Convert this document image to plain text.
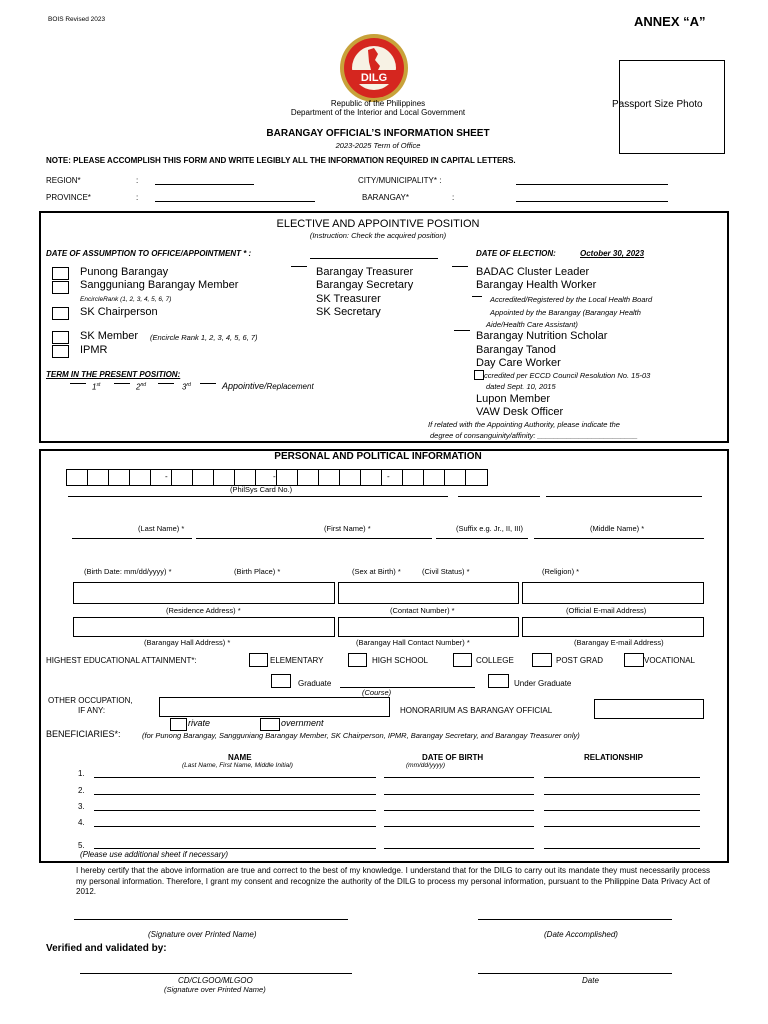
BOIS Revised 2023	ANNEX “A”
DILG
Passport Size Photo
Republic of the Philippines
Department of the Interior and Local Government
BARANGAY OFFICIAL’S INFORMATION SHEET
2023-2025 Term of Office
NOTE: PLEASE ACCOMPLISH THIS FORM AND WRITE LEGIBLY ALL THE INFORMATION REQUIRED IN CAPITAL LETTERS.
REGION*	:
PROVINCE*	:
CITY/MUNICIPALITY* :
BARANGAY*	:
ELECTIVE AND APPOINTIVE POSITION
(Instruction: Check the acquired position)
DATE OF ASSUMPTION TO OFFICE/APPOINTMENT * :	DATE OF ELECTION:	October 30, 2023
Punong Barangay
Sangguniang Barangay Member
EncircleRank (1, 2, 3, 4, 5, 6, 7)
SK Chairperson
SK Member (Encircle Rank 1, 2, 3, 4, 5, 6, 7)
IPMR
Barangay Treasurer
Barangay Secretary
SK Treasurer
SK Secretary
BADAC Cluster Leader
Barangay Health Worker
Accredited/Registered by the Local Health Board
Appointed by the Barangay (Barangay Health
Aide/Health Care Assistant)
Barangay Nutrition Scholar
Barangay Tanod
Day Care Worker
ccredited per ECCD Council Resolution No. 15-03
dated Sept. 10, 2015
Lupon Member
VAW Desk Officer
If related with the Appointing Authority, please indicate the
degree of consanguinity/affinity: ________________________
TERM IN THE PRESENT POSITION:
1st	2nd	3rd	Appointive/Replacement
PERSONAL AND POLITICAL INFORMATION
-	-	-
(PhilSys Card No.)
(Last Name) *	(First Name) *	(Suffix e.g. Jr., II, III)	(Middle Name) *
(Birth Date: mm/dd/yyyy) *	(Birth Place) *	(Sex at Birth) *	(Civil Status) *	(Religion) *
(Residence Address) *	(Contact Number) *	(Official E-mail Address)
(Barangay Hall Address) *	(Barangay Hall Contact Number) *	(Barangay E-mail Address)
HIGHEST EDUCATIONAL ATTAINMENT*:	ELEMENTARY	HIGH SCHOOL	COLLEGE	POST GRAD	VOCATIONAL
Graduate
(Course)
Under Graduate
OTHER OCCUPATION,
IF ANY:
rivate	overnment
HONORARIUM AS BARANGAY OFFICIAL
BENEFICIARIES*:	(for Punong Barangay, Sangguniang Barangay Member, SK Chairperson, IPMR, Barangay Secretary, and Barangay Treasurer only)
NAME
(Last Name, First Name, Middle Initial)
DATE OF BIRTH
(mm/dd/yyyy)
RELATIONSHIP
1.
2.
3.
4.
5.
(Please use additional sheet if necessary)
I hereby certify that the above information are true and correct to the best of my knowledge. I understand that for the DILG to carry out its mandate they must necessarily process my personal information. Therefore, I grant my consent and recognize the authority of the DILG to process my personal information, pursuant to the Philippine Data Privacy Act of 2012.
(Signature over Printed Name)	(Date Accomplished)
Verified and validated by:
CD/CLGOO/MLGOO
(Signature over Printed Name)
Date
